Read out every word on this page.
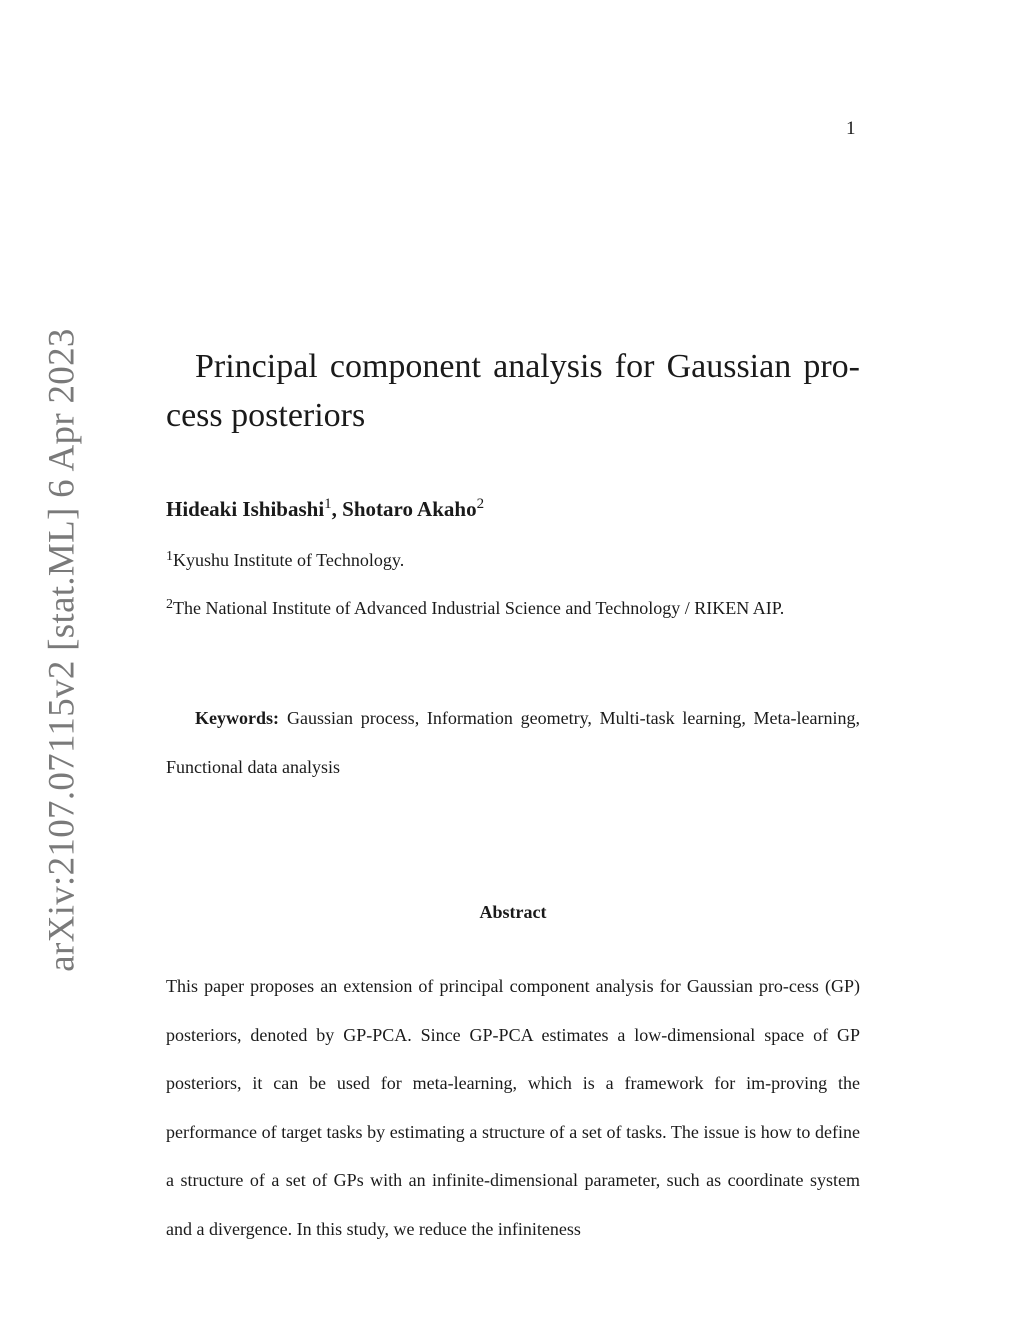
1
arXiv:2107.07115v2 [stat.ML] 6 Apr 2023	Principal component analysis for Gaussian pro-cess posteriors

Hideaki Ishibashi$^1$, Shotaro Akaho$^2$

$^1$Kyushu Institute of Technology.

$^2$The National Institute of Advanced Industrial Science and Technology / RIKEN AIP.

Keywords: Gaussian process, Information geometry, Multi-task learning, Meta-learning, Functional data analysis

Abstract

This paper proposes an extension of principal component analysis for Gaussian pro-cess (GP) posteriors, denoted by GP-PCA. Since GP-PCA estimates a low-dimensional space of GP posteriors, it can be used for meta-learning, which is a framework for im-proving the performance of target tasks by estimating a structure of a set of tasks. The issue is how to define a structure of a set of GPs with an infinite-dimensional parameter, such as coordinate system and a divergence. In this study, we reduce the infiniteness
